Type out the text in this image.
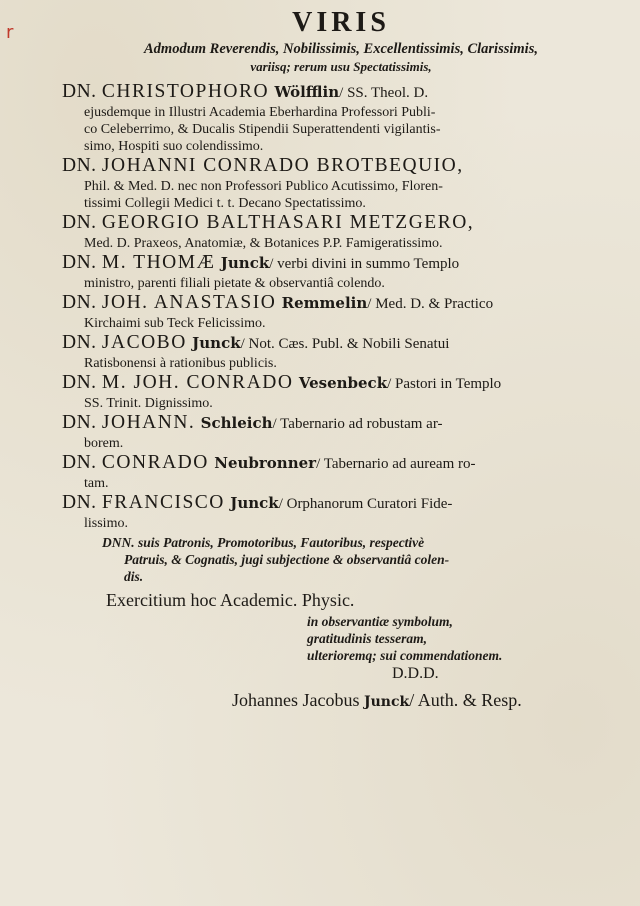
r	VIRIS
Admodum Reverendis, Nobilissimis, Excellentissimis, Clarissimis,
variisq; rerum usu Spectatissimis,
DN. CHRISTOPHORO Wölfflin/ SS. Theol. D.
ejusdemque in Illustri Academia Eberhardina Professori Publi-
co Celeberrimo, & Ducalis Stipendii Superattendenti vigilantis-
simo, Hospiti suo colendissimo.
DN. JOHANNI CONRADO BROTBEQUIO,
Phil. & Med. D. nec non Professori Publico Acutissimo, Floren-
tissimi Collegii Medici t. t. Decano Spectatissimo.
DN. GEORGIO BALTHASARI METZGERO,
Med. D. Praxeos, Anatomiæ, & Botanices P.P. Famigeratissimo.
DN. M. THOMÆ Junck/ verbi divini in summo Templo
ministro, parenti filiali pietate & observantiâ colendo.
DN. JOH. ANASTASIO Remmelin/ Med. D. & Practico
Kirchaimi sub Teck Felicissimo.
DN. JACOBO Junck/ Not. Cæs. Publ. & Nobili Senatui
Ratisbonensi à rationibus publicis.
DN. M. JOH. CONRADO Vesenbeck/ Pastori in Templo
SS. Trinit. Dignissimo.
DN. JOHANN. Schleich/ Tabernario ad robustam ar-
borem.
DN. CONRADO Neubronner/ Tabernario ad auream ro-
tam.
DN. FRANCISCO Junck/ Orphanorum Curatori Fide-
lissimo.
DNN. suis Patronis, Promotoribus, Fautoribus, respectivè
Patruis, & Cognatis, jugi subjectione & observantiâ colen-
dis.
Exercitium hoc Academic. Physic.
in observantiæ symbolum,
gratitudinis tesseram,
ulterioremq; sui commendationem.
D.D.D.
Johannes Jacobus Junck/ Auth. & Resp.
